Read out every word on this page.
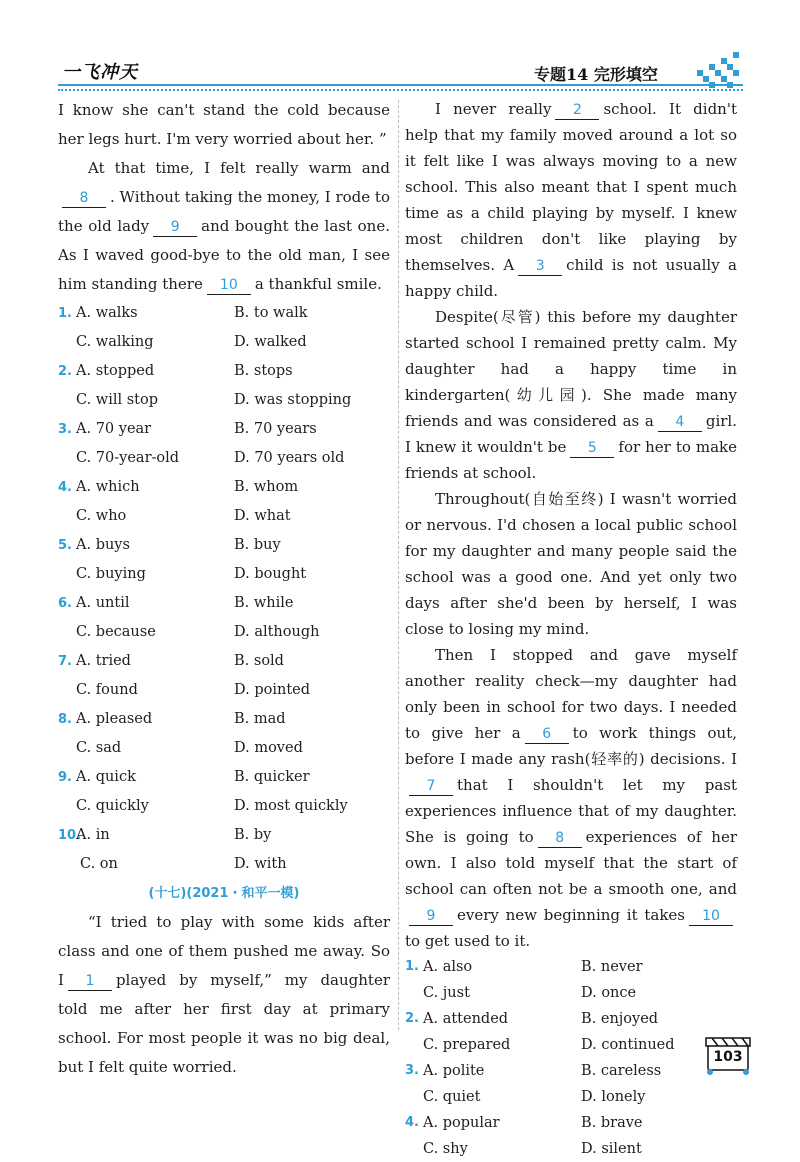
一飞冲天	专题14 完形填空

I know she can't stand the cold because her legs hurt. I'm very worried about her. ”

At that time, I felt really warm and8 . Without taking the money, I rode to the old lady 9 and bought the last one. As I waved good-bye to the old man, I see him standing there 10 a thankful smile.

1. A. walks	B. to walk
C. walking	D. walked
2. A. stopped	B. stops
C. will stop	D. was stopping
3. A. 70 year	B. 70 years
C. 70-year-old	D. 70 years old
4. A. which	B. whom
C. who	D. what
5. A. buys	B. buy
C. buying	D. bought
6. A. until	B. while
C. because	D. although
7. A. tried	B. sold
C. found	D. pointed
8. A. pleased	B. mad
C. sad	D. moved
9. A. quick	B. quicker
C. quickly	D. most quickly
10.
A. in	B. by
C. on	D. with
(十七)(2021・和平一模)

“I tried to play with some kids after class and one of them pushed me away. So I 1 played by myself,” my daughter told me after her first day at primary school. For most people it was no big deal, but I felt quite worried.

I never really 2 school. It didn't help that my family moved around a lot so it felt like I was always moving to a new school. This also meant that I spent much time as a child playing by myself. I knew most children don't like playing by themselves. A 3 child is not usually a happy child.

Despite(尽管) this before my daughter started school I remained pretty calm. My daughter had a happy time in kindergarten(幼儿园). She made many friends and was considered as a 4 girl. I knew it wouldn't be 5 for her to make friends at school.

Throughout(自始至终) I wasn't worried or nervous. I'd chosen a local public school for my daughter and many people said the school was a good one. And yet only two days after she'd been by herself, I was close to losing my mind.

Then I stopped and gave myself another reality check—my daughter had only been in school for two days. I needed to give her a 6 to work things out, before I made any rash(轻率的) decisions. I7 that I shouldn't let my past experiences influence that of my daughter. She is going to 8 experiences of her own. I also told myself that the start of school can often not be a smooth one, and9 every new beginning it takes 10to get used to it.

1. A. also	B. never
C. just	D. once
2. A. attended	B. enjoyed
C. prepared	D. continued
3. A. polite	B. careless
C. quiet	D. lonely
4. A. popular	B. brave
C. shy	D. silent
103
